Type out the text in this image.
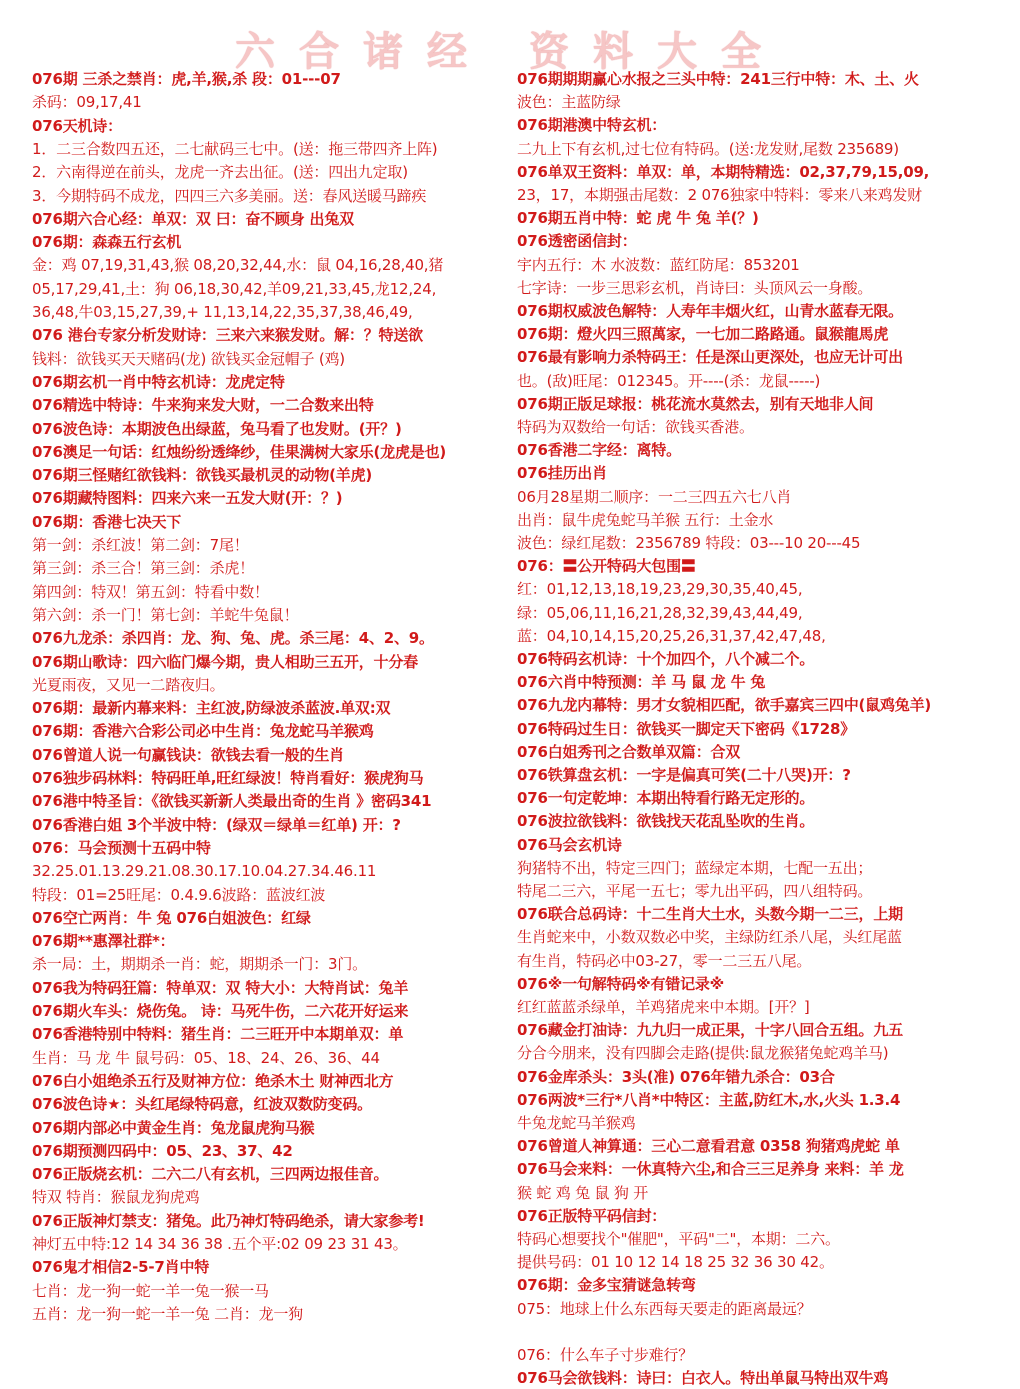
六合诸经 资料大全
076期 三杀之禁肖：虎,羊,猴,杀 段：01---07
杀码：09,17,41
076天机诗：
1．二三合数四五还，二七献码三七中。(送：拖三带四齐上阵)
2．六南得逆在前头，龙虎一齐去出征。(送：四出九定取)
3．今期特码不成龙，四四三六多美丽。送：春风送暖马蹄疾
076期六合心经：单双：双 曰：奋不顾身 出兔双
076期：森森五行玄机
金：鸡 07,19,31,43,猴 08,20,32,44,水：鼠 04,16,28,40,猪
05,17,29,41,土：狗 06,18,30,42,羊09,21,33,45,龙12,24,
36,48,牛03,15,27,39,+ 11,13,14,22,35,37,38,46,49,
076 港台专家分析发财诗：三来六来猴发财。解：？特送欲
钱料：欲钱买天天赌码(龙) 欲钱买金冠帽子 (鸡)
076期玄机一肖中特玄机诗：龙虎定特
076精选中特诗：牛来狗来发大财，一二合数来出特
076波色诗：本期波色出绿蓝，兔马看了也发财。(开？)
076澳足一句话：红烛纷纷透绛纱，佳果满树大家乐(龙虎是也)
076期三怪赌红欲钱料：欲钱买最机灵的动物(羊虎)
076期藏特图料：四来六来一五发大财(开：？)
076期：香港七决天下
第一剑：杀红波！第二剑：7尾！
第三剑：杀三合！第三剑：杀虎！
第四剑：特双！第五剑：特看中数！
第六剑：杀一门！第七剑：羊蛇牛兔鼠！
076九龙杀：杀四肖：龙、狗、兔、虎。杀三尾：4、2、9。
076期山歌诗：四六临门爆今期，贵人相助三五开，十分春
光夏雨夜，又见一二踏夜归。
076期：最新内幕来料：主红波,防绿波杀蓝波.单双:双
076期：香港六合彩公司必中生肖：兔龙蛇马羊猴鸡
076曾道人说一句赢钱诀：欲钱去看一般的生肖
076独步码林料：特码旺单,旺红绿波！特肖看好：猴虎狗马
076港中特圣旨：《欲钱买新新人类最出奇的生肖 》密码341
076香港白姐 3个半波中特：(绿双＝绿单＝红单) 开：?
076：马会预测十五码中特
32.25.01.13.29.21.08.30.17.10.04.27.34.46.11
特段：01=25旺尾：0.4.9.6波路：蓝波红波
076空亡两肖：牛 兔 076白姐波色：红绿
076期**惠澤社群*：
杀一局：土，期期杀一肖：蛇，期期杀一门：3门。
076我为特码狂篇：特单双：双 特大小：大特肖试：兔羊
076期火车头：烧伤兔。 诗：马死牛伤，二六花开好运来
076香港特别中特料：猪生肖：二三旺开中本期单双：单
生肖：马 龙 牛 鼠号码：05、18、24、26、36、44
076白小姐绝杀五行及财神方位：绝杀木土 财神西北方
076波色诗★：头红尾绿特码意，红波双数防变码。
076期内部必中黄金生肖：兔龙鼠虎狗马猴
076期预测四码中：05、23、37、42
076正版烧玄机：二六二八有玄机，三四两边报佳音。
特双 特肖：猴鼠龙狗虎鸡
076正版神灯禁支：猪兔。此乃神灯特码绝杀，请大家参考!
神灯五中特:12 14 34 36 38 .五个平:02 09 23 31 43。
076鬼才相信2-5-7肖中特
七肖：龙一狗一蛇一羊一兔一猴一马
五肖：龙一狗一蛇一羊一兔 二肖：龙一狗
076期期期赢心水报之三头中特：241三行中特：木、土、火
波色：主蓝防绿
076期港澳中特玄机：
二九上下有玄机,过七位有特码。(送:龙发财,尾数 235689)
076单双王资料：单双：单，本期特精选：02,37,79,15,09,
23，17，本期强击尾数：2 076独家中特料：零来八来鸡发财
076期五肖中特：蛇 虎 牛 兔 羊(？)
076透密函信封：
宇内五行：木 水波数：蓝红防尾：853201
七字诗：一步三思彩玄机，肖诗曰：头顶风云一身酸。
076期权威波色解特：人寿年丰烟火红，山青水蓝春无限。
076期：燈火四三照萬家，一七加二路路通。鼠猴龍馬虎
076最有影响力杀特码王：任是深山更深处，也应无计可出
也。(敌)旺尾：012345。开----(杀：龙鼠-----)
076期正版足球报：桃花流水莫然去，别有天地非人间
特码为双数给一句话：欲钱买香港。
076香港二字经：离特。
076挂历出肖
06月28星期二顺序：一二三四五六七八肖
出肖：鼠牛虎兔蛇马羊猴 五行：土金水
波色：绿红尾数：2356789 特段：03---10 20---45
076：〓公开特码大包围〓
红：01,12,13,18,19,23,29,30,35,40,45,
绿：05,06,11,16,21,28,32,39,43,44,49,
蓝：04,10,14,15,20,25,26,31,37,42,47,48,
076特码玄机诗：十个加四个，八个减二个。
076六肖中特预测：羊 马 鼠 龙 牛 兔
076九龙内幕特：男才女貌相匹配，欲手嘉宾三四中(鼠鸡兔羊)
076特码过生日：欲钱买一脚定天下密码《1728》
076白姐秀刊之合数单双篇：合双
076铁算盘玄机：一字是偏真可笑(二十八哭)开：?
076一句定乾坤：本期出特看行路无定形的。
076波拉欲钱料：欲钱找天花乱坠吹的生肖。
076马会玄机诗
狗猪特不出，特定三四门；蓝绿定本期，七配一五出；
特尾二三六，平尾一五七；零九出平码，四八组特码。
076联合总码诗：十二生肖大土水，头数今期一二三，上期
生肖蛇来中，小数双数必中奖，主绿防红杀八尾，头红尾蓝
有生肖，特码必中03-27，零一二三五八尾。
076※一句解特码※有错记录※
红红蓝蓝杀绿单，羊鸡猪虎来中本期。[开？]
076藏金打油诗：九九归一成正果，十字八回合五组。九五
分合今朋来，没有四脚会走路(提供:鼠龙猴猪兔蛇鸡羊马)
076金库杀头：3头(准) 076年错九杀合：03合
076两波*三行*八肖*中特区：主蓝,防红木,水,火头 1.3.4
牛兔龙蛇马羊猴鸡
076曾道人神算通：三心二意看君意 0358 狗猪鸡虎蛇 单
076马会来料：一休真特六尘,和合三三足养身 来料：羊 龙
猴 蛇 鸡 兔 鼠 狗 开
076正版特平码信封：
特码心想要找个"催肥"，平码"二"，本期：二六。
提供号码：01 10 12 14 18 25 32 36 30 42。
076期：金多宝猜谜急转弯
075：地球上什么东西每天要走的距离最远？
076：什么车子寸步难行？
076马会欲钱料：诗曰：白衣人。特出单鼠马特出双牛鸡
